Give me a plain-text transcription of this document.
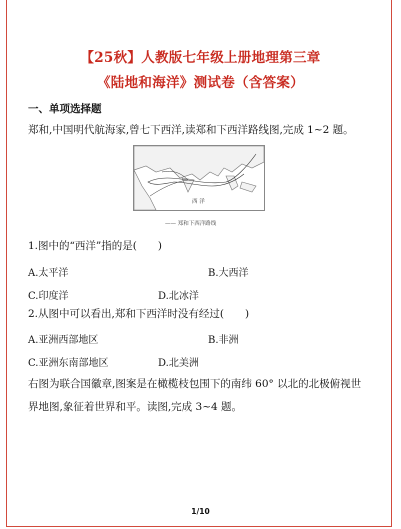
【25秋】人教版七年级上册地理第三章
《陆地和海洋》测试卷（含答案）
一、单项选择题
郑和,中国明代航海家,曾七下西洋,读郑和下西洋路线图,完成 1~2 题。
西 洋
—— 郑和下西洋路线
1.图中的“西洋”指的是(　　)
A.太平洋	B.大西洋
C.印度洋	D.北冰洋
2.从图中可以看出,郑和下西洋时没有经过(　　)
A.亚洲西部地区	B.非洲
C.亚洲东南部地区	D.北美洲
右图为联合国徽章,图案是在橄榄枝包围下的南纬 60° 以北的北极俯视世
界地图,象征着世界和平。读图,完成 3~4 题。
1/10
